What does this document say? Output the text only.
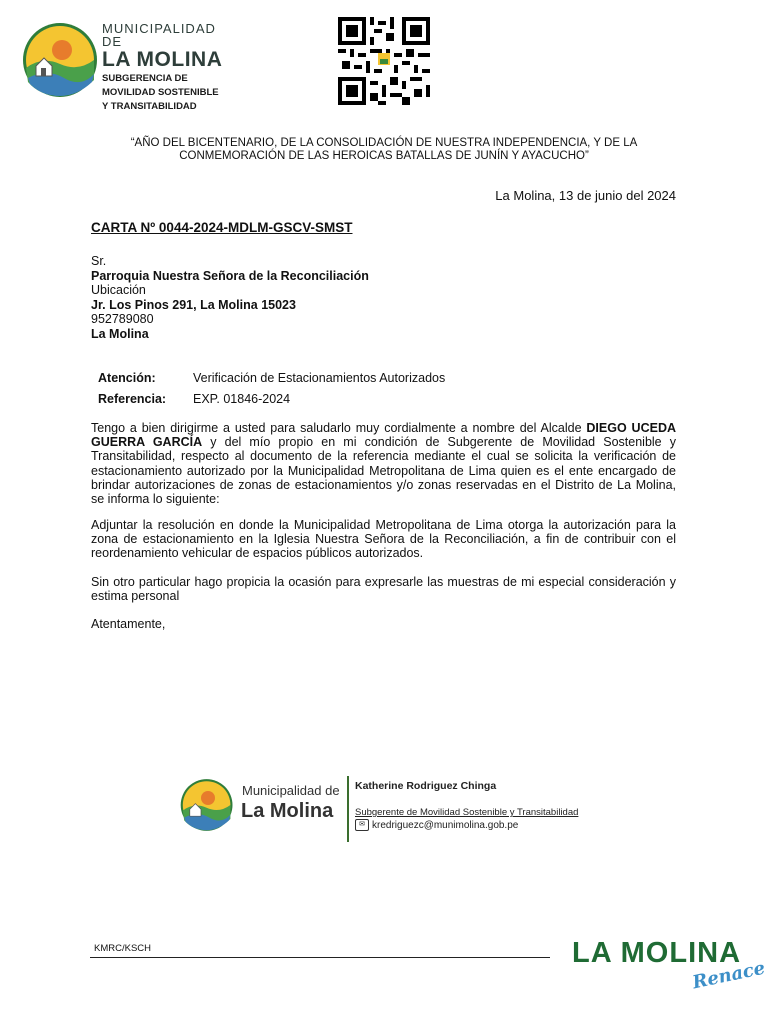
MUNICIPALIDAD DE
LA MOLINA
SUBGERENCIA DE
MOVILIDAD SOSTENIBLE
Y TRANSITABILIDAD
“AÑO DEL BICENTENARIO, DE LA CONSOLIDACIÓN DE NUESTRA INDEPENDENCIA, Y DE LA
CONMEMORACIÓN DE LAS HEROICAS BATALLAS DE JUNÍN Y AYACUCHO”
La Molina, 13 de junio del 2024
CARTA Nº 0044-2024-MDLM-GSCV-SMST
Sr.
Parroquia Nuestra Señora de la Reconciliación
Ubicación
Jr. Los Pinos 291, La Molina 15023
952789080
La Molina
Atención:	Verificación de Estacionamientos Autorizados
Referencia: EXP. 01846-2024
Tengo a bien dirigirme a usted para saludarlo muy cordialmente a nombre del Alcalde DIEGO UCEDA GUERRA GARCÍA y del mío propio en mi condición de Subgerente de Movilidad Sostenible y Transitabilidad, respecto al documento de la referencia mediante el cual se solicita la verificación de estacionamiento autorizado por la Municipalidad Metropolitana de Lima quien es el ente encargado de brindar autorizaciones de zonas de estacionamientos y/o zonas reservadas en el Distrito de La Molina, se informa lo siguiente:
Adjuntar la resolución en donde la Municipalidad Metropolitana de Lima otorga la autorización para la zona de estacionamiento en la Iglesia Nuestra Señora de la Reconciliación, a fin de contribuir con el reordenamiento vehicular de espacios públicos autorizados.
Sin otro particular hago propicia la ocasión para expresarle las muestras de mi especial consideración y estima personal
Atentamente,
Municipalidad de
La Molina
Katherine Rodriguez Chinga
Subgerente de Movilidad Sostenible y Transitabilidad
✉ kredriguezc@munimolina.gob.pe
KMRC/KSCH	LA MOLINA
Renace
